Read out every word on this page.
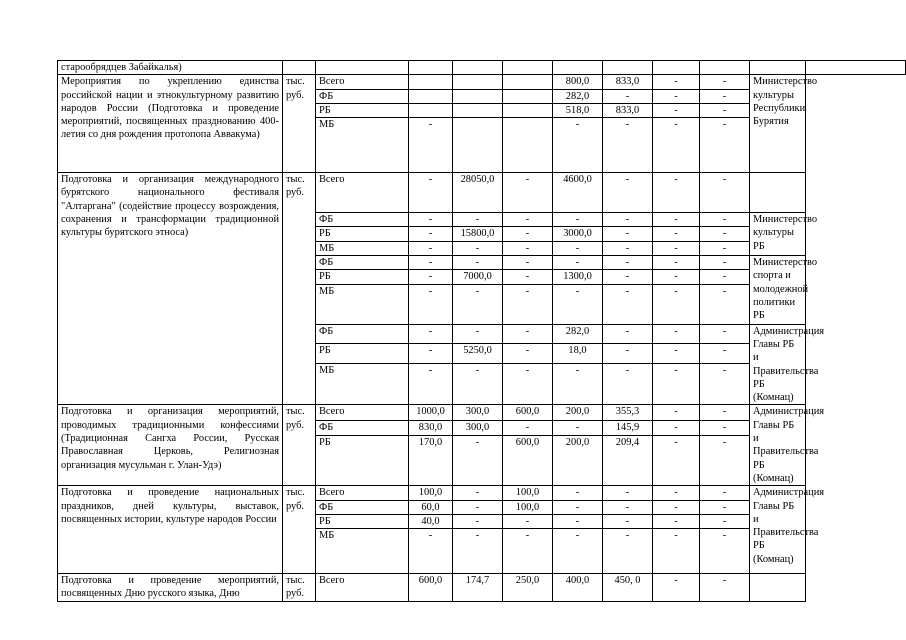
старообрядцев Забайкалья)											
Мероприятия по укреплению единства российской нации и этнокультурному развитию народов России (Подготовка и проведение мероприятий, посвященных празднованию 400-летия со дня рождения протопопа Аввакума)	тыс. руб.	Всего				800,0	833,0	-	-	Министерство культуры Республики Бурятия	
		ФБ				282,0	-	-	-		
		РБ				518,0	833,0	-	-		
		МБ	-			-	-	-	-		
Подготовка и организация международного бурятского национального фестиваля "Алтаргана" (содействие процессу возрождения, сохранения и трансформации традиционной культуры бурятского этноса)	тыс. руб.	Всего	-	28050,0	-	4600,0	-	-	-		
		ФБ	-	-	-	-	-	-	-	Министерство культуры РБ	
		РБ	-	15800,0	-	3000,0	-	-	-		
		МБ	-	-	-	-	-	-	-		
		ФБ	-	-	-	-	-	-	-	Министерство спорта и молодежной политики РБ	
		РБ	-	7000,0	-	1300,0	-	-	-		
		МБ	-	-	-	-	-	-	-		
		ФБ	-	-	-	282,0	-	-	-	Администрация Главы РБ и Правительства РБ (Комнац)	
		РБ	-	5250,0	-	18,0	-	-	-		
		МБ	-	-	-	-	-	-	-		
Подготовка и организация мероприятий, проводимых традиционными конфессиями (Традиционная Сангха России, Русская Православная Церковь, Религиозная организация мусульман г. Улан-Удэ)	тыс. руб.	Всего	1000,0	300,0	600,0	200,0	355,3	-	-	Администрация Главы РБ и Правительства РБ (Комнац)	
		ФБ	830,0	300,0	-	-	145,9	-	-		
		РБ	170,0	-	600,0	200,0	209,4	-	-		
Подготовка и проведение национальных праздников, дней культуры, выставок, посвященных истории, культуре народов России	тыс. руб.	Всего	100,0	-	100,0	-	-	-	-	Администрация Главы РБ и Правительства РБ (Комнац)	
		ФБ	60,0	-	100,0	-	-	-	-		
		РБ	40,0	-	-	-	-	-	-		
		МБ	-	-	-	-	-	-	-		
Подготовка и проведение мероприятий, посвященных Дню русского языка, Дню	тыс. руб.	Всего	600,0	174,7	250,0	400,0	450, 0	-	-		
